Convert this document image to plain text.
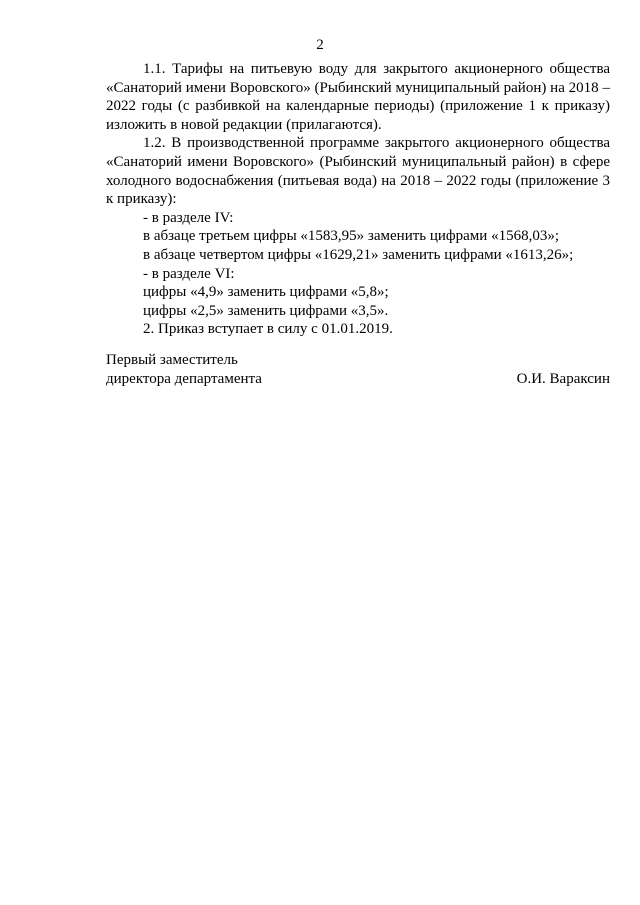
2

1.1. Тарифы на питьевую воду для закрытого акционерного общества «Санаторий имени Воровского» (Рыбинский муниципальный район) на 2018 – 2022 годы (с разбивкой на календарные периоды) (приложение 1 к приказу) изложить в новой редакции (прилагаются).

1.2. В производственной программе закрытого акционерного общества «Санаторий имени Воровского» (Рыбинский муниципальный район) в сфере холодного водоснабжения (питьевая вода) на 2018 – 2022 годы (приложение 3 к приказу):

- в разделе IV:

в абзаце третьем цифры «1583,95» заменить цифрами «1568,03»;

в абзаце четвертом цифры «1629,21» заменить цифрами «1613,26»;

- в разделе VI:

цифры «4,9» заменить цифрами «5,8»;

цифры «2,5» заменить цифрами «3,5».

2. Приказ вступает в силу с 01.01.2019.

Первый заместитель
директора департамента	О.И. Вараксин
